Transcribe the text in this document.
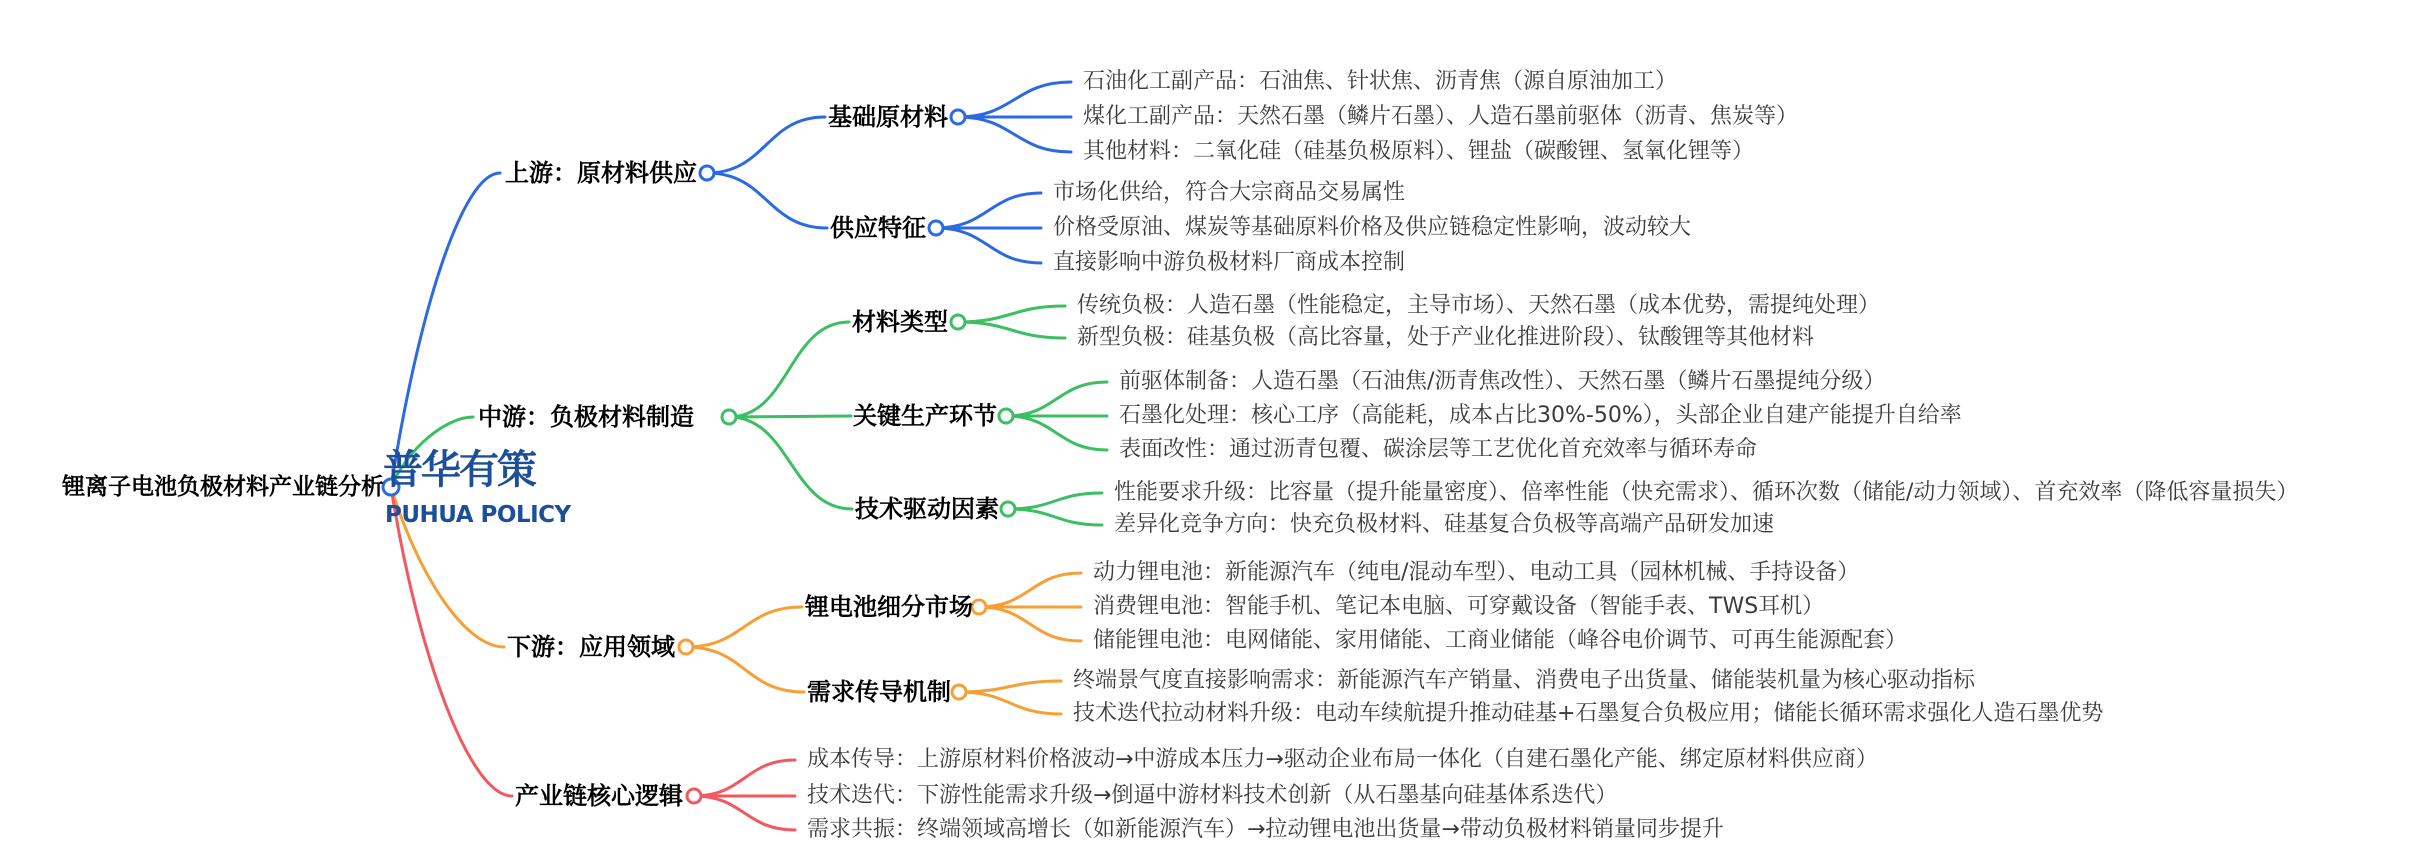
锂离子电池负极材料产业链分析 普华有策
PUHUA POLICY
上游：原材料供应
中游：负极材料制造
下游：应用领域
产业链核心逻辑
基础原材料
供应特征
材料类型
关键生产环节
技术驱动因素
锂电池细分市场
需求传导机制
石油化工副产品：石油焦、针状焦、沥青焦（源自原油加工）
煤化工副产品：天然石墨（鳞片石墨）、人造石墨前驱体（沥青、焦炭等）
其他材料：二氧化硅（硅基负极原料）、锂盐（碳酸锂、氢氧化锂等）
市场化供给，符合大宗商品交易属性
价格受原油、煤炭等基础原料价格及供应链稳定性影响，波动较大
直接影响中游负极材料厂商成本控制
传统负极：人造石墨（性能稳定，主导市场）、天然石墨（成本优势，需提纯处理）
新型负极：硅基负极（高比容量，处于产业化推进阶段）、钛酸锂等其他材料
前驱体制备：人造石墨（石油焦/沥青焦改性）、天然石墨（鳞片石墨提纯分级）
石墨化处理：核心工序（高能耗，成本占比30%-50%），头部企业自建产能提升自给率
表面改性：通过沥青包覆、碳涂层等工艺优化首充效率与循环寿命
性能要求升级：比容量（提升能量密度）、倍率性能（快充需求）、循环次数（储能/动力领域）、首充效率（降低容量损失）
差异化竞争方向：快充负极材料、硅基复合负极等高端产品研发加速
动力锂电池：新能源汽车（纯电/混动车型）、电动工具（园林机械、手持设备）
消费锂电池：智能手机、笔记本电脑、可穿戴设备（智能手表、TWS耳机）
储能锂电池：电网储能、家用储能、工商业储能（峰谷电价调节、可再生能源配套）
终端景气度直接影响需求：新能源汽车产销量、消费电子出货量、储能装机量为核心驱动指标
技术迭代拉动材料升级：电动车续航提升推动硅基+石墨复合负极应用；储能长循环需求强化人造石墨优势
成本传导：上游原材料价格波动→中游成本压力→驱动企业布局一体化（自建石墨化产能、绑定原材料供应商）
技术迭代：下游性能需求升级→倒逼中游材料技术创新（从石墨基向硅基体系迭代）
需求共振：终端领域高增长（如新能源汽车）→拉动锂电池出货量→带动负极材料销量同步提升
